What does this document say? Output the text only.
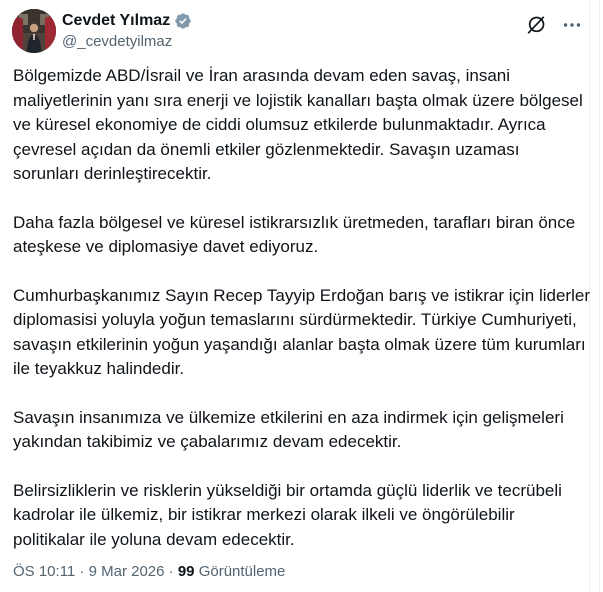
Cevdet Yılmaz
@_cevdetyilmaz

Bölgemizde ABD/İsrail ve İran arasında devam eden savaş, insani maliyetlerinin yanı sıra enerji ve lojistik kanalları başta olmak üzere bölgesel ve küresel ekonomiye de ciddi olumsuz etkilerde bulunmaktadır. Ayrıca çevresel açıdan da önemli etkiler gözlenmektedir. Savaşın uzaması sorunları derinleştirecektir.

Daha fazla bölgesel ve küresel istikrarsızlık üretmeden, tarafları biran önce ateşkese ve diplomasiye davet ediyoruz.

Cumhurbaşkanımız Sayın Recep Tayyip Erdoğan barış ve istikrar için liderler diplomasisi yoluyla yoğun temaslarını sürdürmektedir. Türkiye Cumhuriyeti, savaşın etkilerinin yoğun yaşandığı alanlar başta olmak üzere tüm kurumları ile teyakkuz halindedir.

Savaşın insanımıza ve ülkemize etkilerini en aza indirmek için gelişmeleri yakından takibimiz ve çabalarımız devam edecektir.

Belirsizliklerin ve risklerin yükseldiği bir ortamda güçlü liderlik ve tecrübeli kadrolar ile ülkemiz, bir istikrar merkezi olarak ilkeli ve öngörülebilir politikalar ile yoluna devam edecektir.

ÖS 10:11 · 9 Mar 2026 · 99 Görüntüleme
